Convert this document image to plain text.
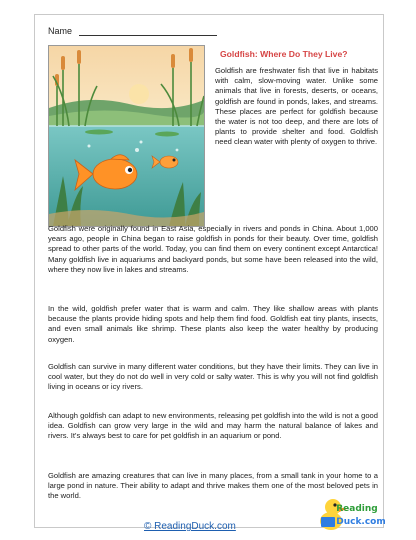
Name
Goldfish: Where Do They Live?

Goldfish are freshwater fish that live in habitats with calm, slow-moving water. Unlike some animals that live in forests, deserts, or oceans, goldfish are found in ponds, lakes, and streams. These places are perfect for goldfish because the water is not too deep, and there are lots of plants to provide shelter and food. Goldfish need clean water with plenty of oxygen to thrive.

Goldfish were originally found in East Asia, especially in rivers and ponds in China. About 1,000 years ago, people in China began to raise goldfish in ponds for their beauty. Over time, goldfish spread to other parts of the world. Today, you can find them on every continent except Antarctica! Many goldfish live in aquariums and backyard ponds, but some have been released into the wild, where they now live in lakes and streams.

In the wild, goldfish prefer water that is warm and calm. They like shallow areas with plants because the plants provide hiding spots and help them find food. Goldfish eat tiny plants, insects, and even small animals like shrimp. These plants also keep the water healthy by producing oxygen.

Goldfish can survive in many different water conditions, but they have their limits. They can live in cool water, but they do not do well in very cold or salty water. This is why you will not find goldfish living in oceans or icy rivers.

Although goldfish can adapt to new environments, releasing pet goldfish into the wild is not a good idea. Goldfish can grow very large in the wild and may harm the natural balance of lakes and rivers. It's always best to care for pet goldfish in an aquarium or pond.

Goldfish are amazing creatures that can live in many places, from a small tank in your home to a large pond in nature. Their ability to adapt and thrive makes them one of the most beloved pets in the world.

© ReadingDuck.com
Reading
Duck.com
